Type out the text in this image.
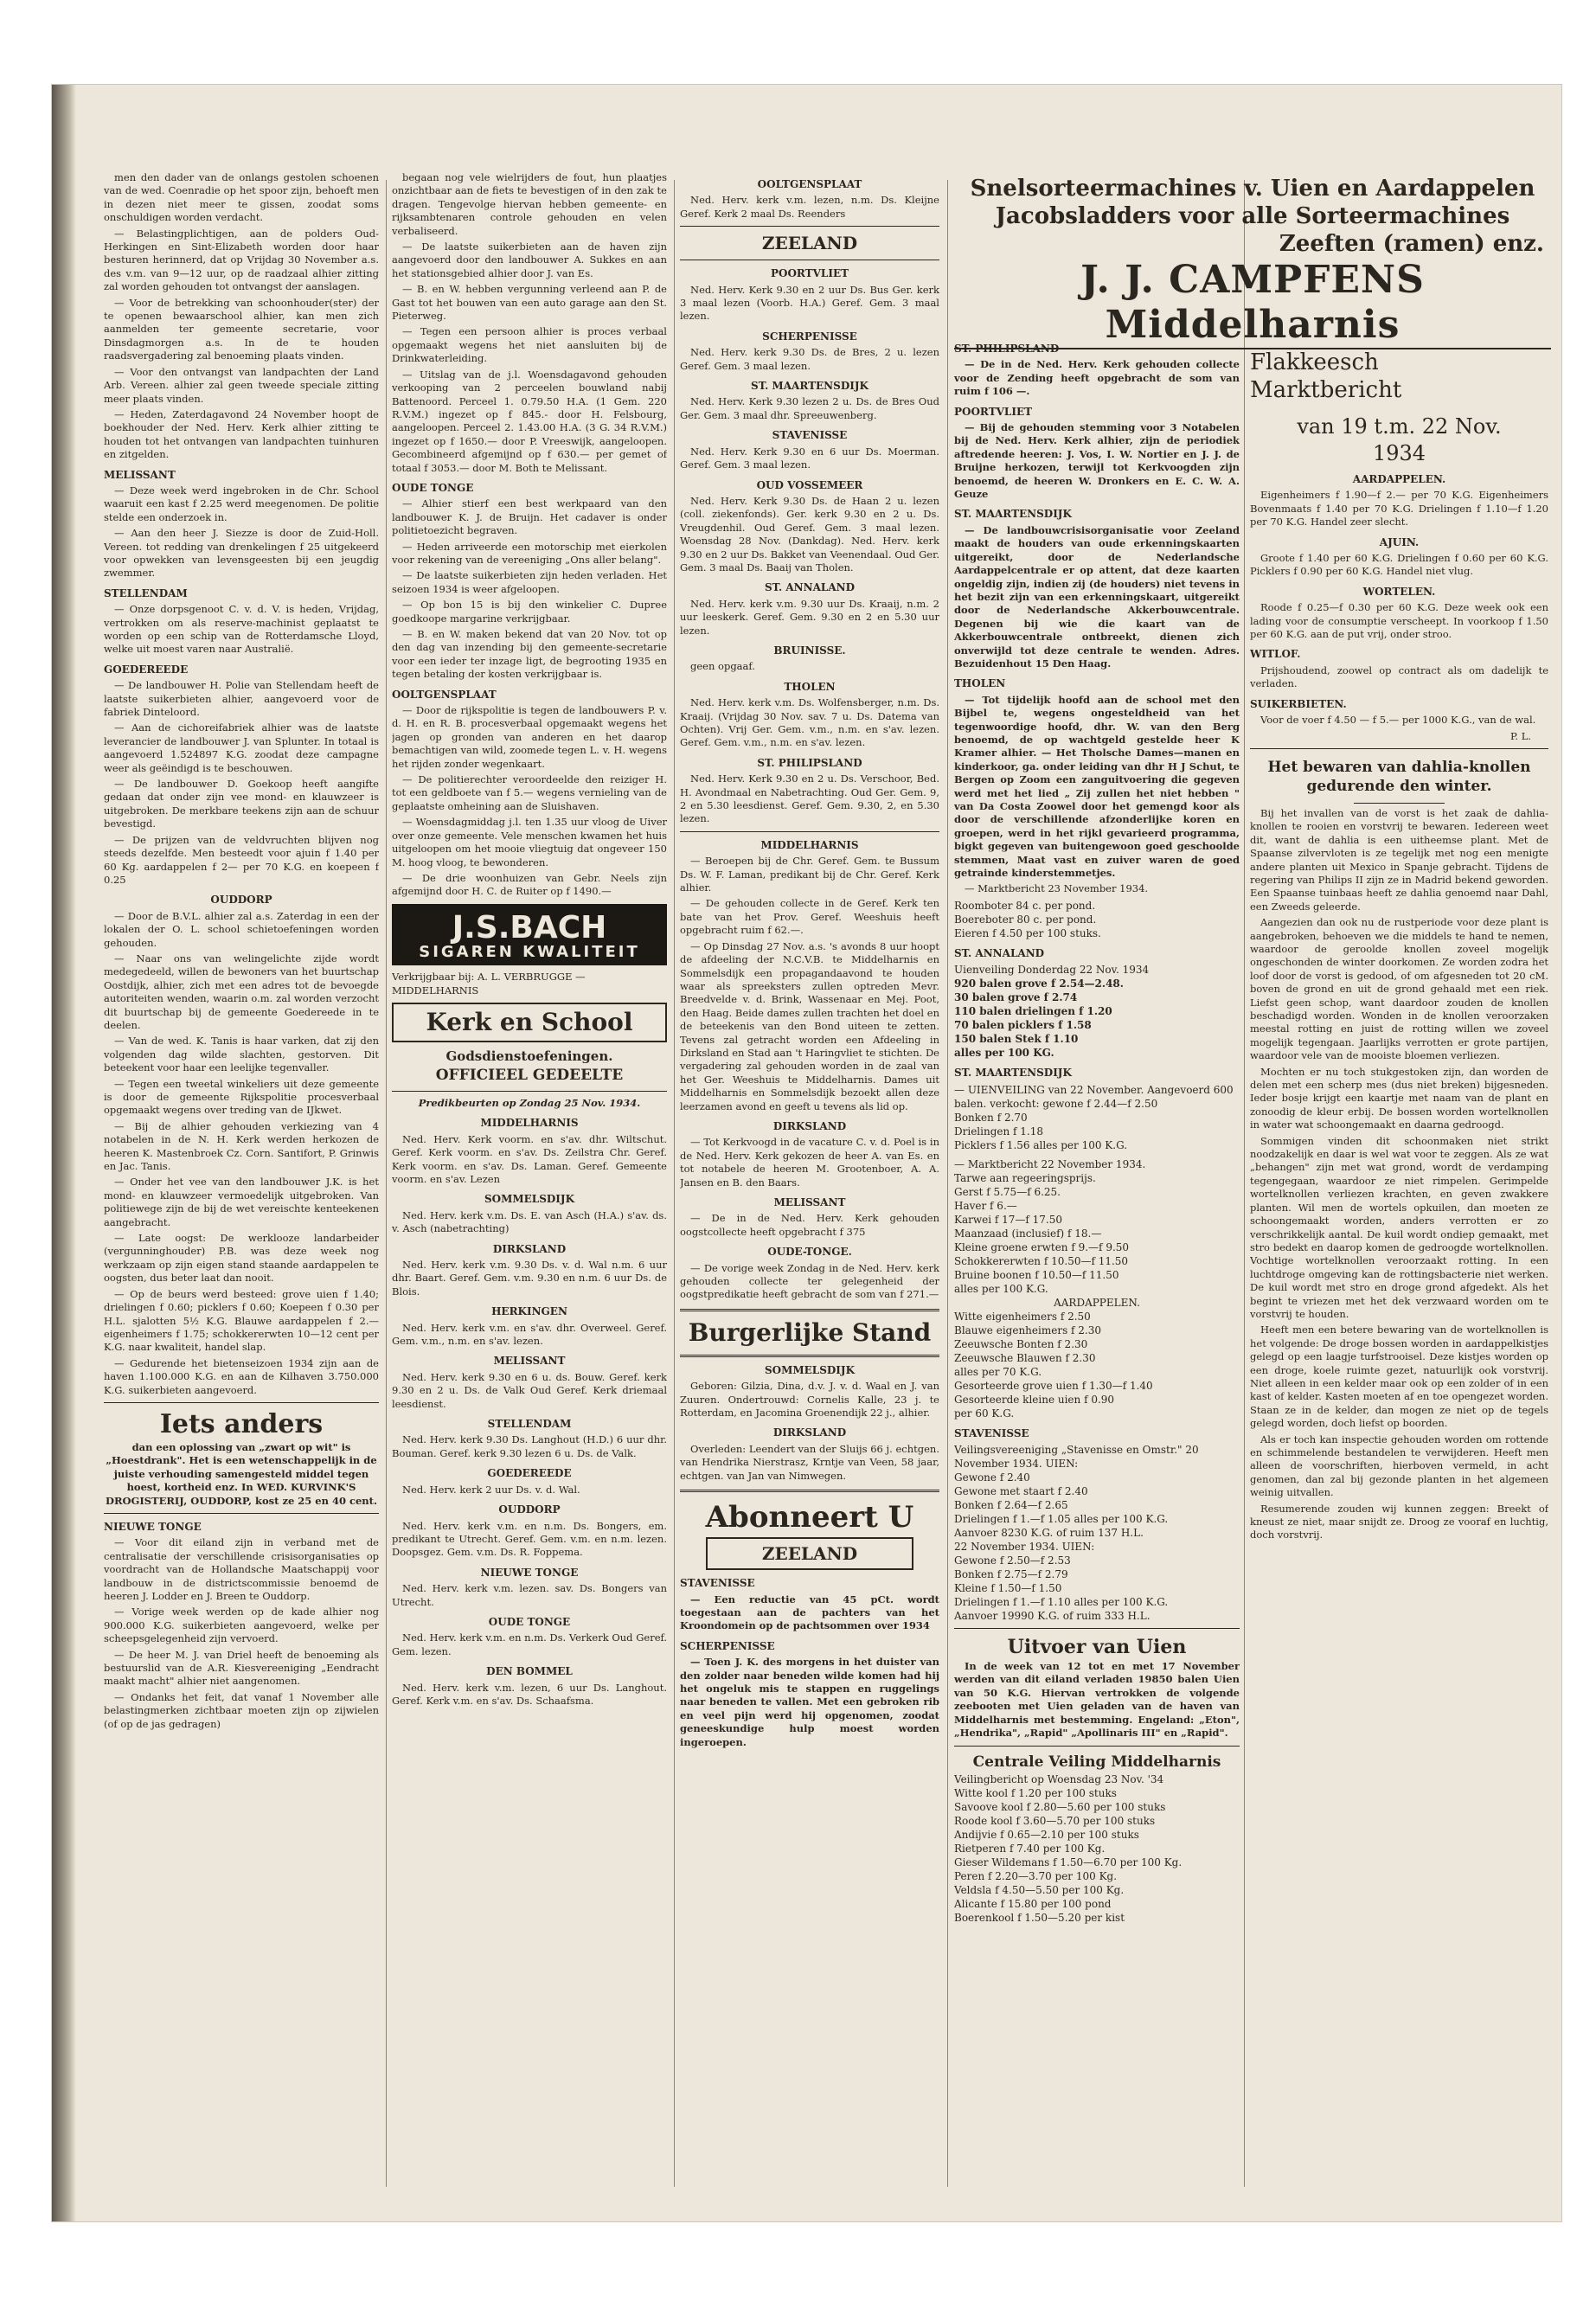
Snelsorteermachines v. Uien en Aardappelen
Jacobsladders voor alle Sorteermachines
Zeeften (ramen) enz.
J. J. CAMPFENS Middelharnis

men den dader van de onlangs gestolen schoenen van de wed. Coenradie op het spoor zijn, behoeft men in dezen niet meer te gissen, zoodat soms onschuldigen worden verdacht.

— Belastingplichtigen, aan de polders Oud-Herkingen en Sint-Elizabeth worden door haar besturen herinnerd, dat op Vrijdag 30 November a.s. des v.m. van 9—12 uur, op de raadzaal alhier zitting zal worden gehouden tot ontvangst der aanslagen.

— Voor de betrekking van schoonhouder(ster) der te openen bewaarschool alhier, kan men zich aanmelden ter gemeente secretarie, voor Dinsdagmorgen a.s. In de te houden raadsvergadering zal benoeming plaats vinden.

— Voor den ontvangst van landpachten der Land Arb. Vereen. alhier zal geen tweede speciale zitting meer plaats vinden.

— Heden, Zaterdagavond 24 November hoopt de boekhouder der Ned. Herv. Kerk alhier zitting te houden tot het ontvangen van landpachten tuinhuren en zitgelden.

MELISSANT

— Deze week werd ingebroken in de Chr. School waaruit een kast f 2.25 werd meegenomen. De politie stelde een onderzoek in.

— Aan den heer J. Siezze is door de Zuid-Holl. Vereen. tot redding van drenkelingen f 25 uitgekeerd voor opwekken van levensgeesten bij een jeugdig zwemmer.

STELLENDAM

— Onze dorpsgenoot C. v. d. V. is heden, Vrijdag, vertrokken om als reserve-machinist geplaatst te worden op een schip van de Rotterdamsche Lloyd, welke uit moest varen naar Australië.

GOEDEREEDE

— De landbouwer H. Polie van Stellendam heeft de laatste suikerbieten alhier, aangevoerd voor de fabriek Dinteloord.

— Aan de cichoreifabriek alhier was de laatste leverancier de landbouwer J. van Splunter. In totaal is aangevoerd 1.524897 K.G. zoodat deze campagne weer als geëindigd is te beschouwen.

— De landbouwer D. Goekoop heeft aangifte gedaan dat onder zijn vee mond- en klauwzeer is uitgebroken. De merkbare teekens zijn aan de schuur bevestigd.

— De prijzen van de veldvruchten blijven nog steeds dezelfde. Men besteedt voor ajuin f 1.40 per 60 Kg. aardappelen f 2— per 70 K.G. en koepeen f 0.25

OUDDORP

— Door de B.V.L. alhier zal a.s. Zaterdag in een der lokalen der O. L. school schietoefeningen worden gehouden.

— Naar ons van welingelichte zijde wordt medegedeeld, willen de bewoners van het buurtschap Oostdijk, alhier, zich met een adres tot de bevoegde autoriteiten wenden, waarin o.m. zal worden verzocht dit buurtschap bij de gemeente Goedereede in te deelen.

— Van de wed. K. Tanis is haar varken, dat zij den volgenden dag wilde slachten, gestorven. Dit beteekent voor haar een leelijke tegenvaller.

— Tegen een tweetal winkeliers uit deze gemeente is door de gemeente Rijkspolitie procesverbaal opgemaakt wegens over treding van de IJkwet.

— Bij de alhier gehouden verkiezing van 4 notabelen in de N. H. Kerk werden herkozen de heeren K. Mastenbroek Cz. Corn. Santifort, P. Grinwis en Jac. Tanis.

— Onder het vee van den landbouwer J.K. is het mond- en klauwzeer vermoedelijk uitgebroken. Van politiewege zijn de bij de wet vereischte kenteekenen aangebracht.

— Late oogst: De werklooze landarbeider (vergunninghouder) P.B. was deze week nog werkzaam op zijn eigen stand staande aardappelen te oogsten, dus beter laat dan nooit.

— Op de beurs werd besteed: grove uien f 1.40; drielingen f 0.60; picklers f 0.60; Koepeen f 0.30 per H.L. sjalotten 5½ K.G. Blauwe aardappelen f 2.— eigenheimers f 1.75; schokkererwten 10—12 cent per K.G. naar kwaliteit, handel slap.

— Gedurende het bietenseizoen 1934 zijn aan de haven 1.100.000 K.G. en aan de Kilhaven 3.750.000 K.G. suikerbieten aangevoerd.

Iets anders

dan een oplossing van „zwart op wit" is „Hoestdrank". Het is een wetenschappelijk in de juiste verhouding samengesteld middel tegen hoest, kortheid enz. In WED. KURVINK'S DROGISTERIJ, OUDDORP, kost ze 25 en 40 cent.

NIEUWE TONGE

— Voor dit eiland zijn in verband met de centralisatie der verschillende crisisorganisaties op voordracht van de Hollandsche Maatschappij voor landbouw in de districtscommissie benoemd de heeren J. Lodder en J. Breen te Ouddorp.

— Vorige week werden op de kade alhier nog 900.000 K.G. suikerbieten aangevoerd, welke per scheepsgelegenheid zijn vervoerd.

— De heer M. J. van Driel heeft de benoeming als bestuurslid van de A.R. Kiesvereeniging „Eendracht maakt macht" alhier niet aangenomen.

— Ondanks het feit, dat vanaf 1 November alle belastingmerken zichtbaar moeten zijn op zijwielen (of op de jas gedragen)

begaan nog vele wielrijders de fout, hun plaatjes onzichtbaar aan de fiets te bevestigen of in den zak te dragen. Tengevolge hiervan hebben gemeente- en rijksambtenaren controle gehouden en velen verbaliseerd.

— De laatste suikerbieten aan de haven zijn aangevoerd door den landbouwer A. Sukkes en aan het stationsgebied alhier door J. van Es.

— B. en W. hebben vergunning verleend aan P. de Gast tot het bouwen van een auto garage aan den St. Pieterweg.

— Tegen een persoon alhier is proces verbaal opgemaakt wegens het niet aansluiten bij de Drinkwaterleiding.

— Uitslag van de j.l. Woensdagavond gehouden verkooping van 2 perceelen bouwland nabij Battenoord. Perceel 1. 0.79.50 H.A. (1 Gem. 220 R.V.M.) ingezet op f 845.- door H. Felsbourg, aangeloopen. Perceel 2. 1.43.00 H.A. (3 G. 34 R.V.M.) ingezet op f 1650.— door P. Vreeswijk, aangeloopen. Gecombineerd afgemijnd op f 630.— per gemet of totaal f 3053.— door M. Both te Melissant.

OUDE TONGE

— Alhier stierf een best werkpaard van den landbouwer K. J. de Bruijn. Het cadaver is onder politietoezicht begraven.

— Heden arriveerde een motorschip met eierkolen voor rekening van de vereeniging „Ons aller belang".

— De laatste suikerbieten zijn heden verladen. Het seizoen 1934 is weer afgeloopen.

— Op bon 15 is bij den winkelier C. Dupree goedkoope margarine verkrijgbaar.

— B. en W. maken bekend dat van 20 Nov. tot op den dag van inzending bij den gemeente-secretarie voor een ieder ter inzage ligt, de begrooting 1935 en tegen betaling der kosten verkrijgbaar is.

OOLTGENSPLAAT

— Door de rijkspolitie is tegen de landbouwers P. v. d. H. en R. B. procesverbaal opgemaakt wegens het jagen op gronden van anderen en het daarop bemachtigen van wild, zoomede tegen L. v. H. wegens het rijden zonder wegenkaart.

— De politierechter veroordeelde den reiziger H. tot een geldboete van f 5.— wegens vernieling van de geplaatste omheining aan de Sluishaven.

— Woensdagmiddag j.l. ten 1.35 uur vloog de Uiver over onze gemeente. Vele menschen kwamen het huis uitgeloopen om het mooie vliegtuig dat ongeveer 150 M. hoog vloog, te bewonderen.

— De drie woonhuizen van Gebr. Neels zijn afgemijnd door H. C. de Ruiter op f 1490.—

J.S.BACH
SIGAREN KWALITEIT

Verkrijgbaar bij: A. L. VERBRUGGE — MIDDELHARNIS

Kerk en School
Godsdienstoefeningen.
OFFICIEEL GEDEELTE
Predikbeurten op Zondag 25 Nov. 1934.
MIDDELHARNIS

Ned. Herv. Kerk voorm. en s'av. dhr. Wiltschut. Geref. Kerk voorm. en s'av. Ds. Zeilstra Chr. Geref. Kerk voorm. en s'av. Ds. Laman. Geref. Gemeente voorm. en s'av. Lezen

SOMMELSDIJK

Ned. Herv. kerk v.m. Ds. E. van Asch (H.A.) s'av. ds. v. Asch (nabetrachting)

DIRKSLAND

Ned. Herv. kerk v.m. 9.30 Ds. v. d. Wal n.m. 6 uur dhr. Baart. Geref. Gem. v.m. 9.30 en n.m. 6 uur Ds. de Blois.

HERKINGEN

Ned. Herv. kerk v.m. en s'av. dhr. Overweel. Geref. Gem. v.m., n.m. en s'av. lezen.

MELISSANT

Ned. Herv. kerk 9.30 en 6 u. ds. Bouw. Geref. kerk 9.30 en 2 u. Ds. de Valk Oud Geref. Kerk driemaal leesdienst.

STELLENDAM

Ned. Herv. kerk 9.30 Ds. Langhout (H.D.) 6 uur dhr. Bouman. Geref. kerk 9.30 lezen 6 u. Ds. de Valk.

GOEDEREEDE

Ned. Herv. kerk 2 uur Ds. v. d. Wal.

OUDDORP

Ned. Herv. kerk v.m. en n.m. Ds. Bongers, em. predikant te Utrecht. Geref. Gem. v.m. en n.m. lezen. Doopsgez. Gem. v.m. Ds. R. Foppema.

NIEUWE TONGE

Ned. Herv. kerk v.m. lezen. sav. Ds. Bongers van Utrecht.

OUDE TONGE

Ned. Herv. kerk v.m. en n.m. Ds. Verkerk Oud Geref. Gem. lezen.

DEN BOMMEL

Ned. Herv. kerk v.m. lezen, 6 uur Ds. Langhout. Geref. Kerk v.m. en s'av. Ds. Schaafsma.

OOLTGENSPLAAT

Ned. Herv. kerk v.m. lezen, n.m. Ds. Kleijne Geref. Kerk 2 maal Ds. Reenders

ZEELAND
POORTVLIET

Ned. Herv. Kerk 9.30 en 2 uur Ds. Bus Ger. kerk 3 maal lezen (Voorb. H.A.) Geref. Gem. 3 maal lezen.

SCHERPENISSE

Ned. Herv. kerk 9.30 Ds. de Bres, 2 u. lezen Geref. Gem. 3 maal lezen.

ST. MAARTENSDIJK

Ned. Herv. Kerk 9.30 lezen 2 u. Ds. de Bres Oud Ger. Gem. 3 maal dhr. Spreeuwenberg.

STAVENISSE

Ned. Herv. Kerk 9.30 en 6 uur Ds. Moerman. Geref. Gem. 3 maal lezen.

OUD VOSSEMEER

Ned. Herv. Kerk 9.30 Ds. de Haan 2 u. lezen (coll. ziekenfonds). Ger. kerk 9.30 en 2 u. Ds. Vreugdenhil. Oud Geref. Gem. 3 maal lezen. Woensdag 28 Nov. (Dankdag). Ned. Herv. kerk 9.30 en 2 uur Ds. Bakket van Veenendaal. Oud Ger. Gem. 3 maal Ds. Baaij van Tholen.

ST. ANNALAND

Ned. Herv. kerk v.m. 9.30 uur Ds. Kraaij, n.m. 2 uur leeskerk. Geref. Gem. 9.30 en 2 en 5.30 uur lezen.

BRUINISSE.

geen opgaaf.

THOLEN

Ned. Herv. kerk v.m. Ds. Wolfensberger, n.m. Ds. Kraaij. (Vrijdag 30 Nov. sav. 7 u. Ds. Datema van Ochten). Vrij Ger. Gem. v.m., n.m. en s'av. lezen. Geref. Gem. v.m., n.m. en s'av. lezen.

ST. PHILIPSLAND

Ned. Herv. Kerk 9.30 en 2 u. Ds. Verschoor, Bed. H. Avondmaal en Nabetrachting. Oud Ger. Gem. 9, 2 en 5.30 leesdienst. Geref. Gem. 9.30, 2, en 5.30 lezen.

MIDDELHARNIS

— Beroepen bij de Chr. Geref. Gem. te Bussum Ds. W. F. Laman, predikant bij de Chr. Geref. Kerk alhier.

— De gehouden collecte in de Geref. Kerk ten bate van het Prov. Geref. Weeshuis heeft opgebracht ruim f 62.—.

— Op Dinsdag 27 Nov. a.s. 's avonds 8 uur hoopt de afdeeling der N.C.V.B. te Middelharnis en Sommelsdijk een propagandaavond te houden waar als spreeksters zullen optreden Mevr. Breedvelde v. d. Brink, Wassenaar en Mej. Poot, den Haag. Beide dames zullen trachten het doel en de beteekenis van den Bond uiteen te zetten. Tevens zal getracht worden een Afdeeling in Dirksland en Stad aan 't Haringvliet te stichten. De vergadering zal gehouden worden in de zaal van het Ger. Weeshuis te Middelharnis. Dames uit Middelharnis en Sommelsdijk bezoekt allen deze leerzamen avond en geeft u tevens als lid op.

DIRKSLAND

— Tot Kerkvoogd in de vacature C. v. d. Poel is in de Ned. Herv. Kerk gekozen de heer A. van Es. en tot notabele de heeren M. Grootenboer, A. A. Jansen en B. den Baars.

MELISSANT

— De in de Ned. Herv. Kerk gehouden oogstcollecte heeft opgebracht f 375

OUDE-TONGE.

— De vorige week Zondag in de Ned. Herv. kerk gehouden collecte ter gelegenheid der oogstpredikatie heeft gebracht de som van f 271.—

Burgerlijke Stand
SOMMELSDIJK

Geboren: Gilzia, Dina, d.v. J. v. d. Waal en J. van Zuuren. Ondertrouwd: Cornelis Kalle, 23 j. te Rotterdam, en Jacomina Groenendijk 22 j., alhier.

DIRKSLAND

Overleden: Leendert van der Sluijs 66 j. echtgen. van Hendrika Nierstrasz, Krntje van Veen, 58 jaar, echtgen. van Jan van Nimwegen.

Abonneert U
ZEELAND
STAVENISSE

— Een reductie van 45 pCt. wordt toegestaan aan de pachters van het Kroondomein op de pachtsommen over 1934

SCHERPENISSE

— Toen J. K. des morgens in het duister van den zolder naar beneden wilde komen had hij het ongeluk mis te stappen en ruggelings naar beneden te vallen. Met een gebroken rib en veel pijn werd hij opgenomen, zoodat geneeskundige hulp moest worden ingeroepen.

ST. PHILIPSLAND

— De in de Ned. Herv. Kerk gehouden collecte voor de Zending heeft opgebracht de som van ruim f 106 —.

POORTVLIET

— Bij de gehouden stemming voor 3 Notabelen bij de Ned. Herv. Kerk alhier, zijn de periodiek aftredende heeren: J. Vos, I. W. Nortier en J. J. de Bruijne herkozen, terwijl tot Kerkvoogden zijn benoemd, de heeren W. Dronkers en E. C. W. A. Geuze

ST. MAARTENSDIJK

— De landbouwcrisisorganisatie voor Zeeland maakt de houders van oude erkenningskaarten uitgereikt, door de Nederlandsche Aardappelcentrale er op attent, dat deze kaarten ongeldig zijn, indien zij (de houders) niet tevens in het bezit zijn van een erkenningskaart, uitgereikt door de Nederlandsche Akkerbouwcentrale. Degenen bij wie die kaart van de Akkerbouwcentrale ontbreekt, dienen zich onverwijld tot deze centrale te wenden. Adres. Bezuidenhout 15 Den Haag.

THOLEN

— Tot tijdelijk hoofd aan de school met den Bijbel te, wegens ongesteldheid van het tegenwoordige hoofd, dhr. W. van den Berg benoemd, de op wachtgeld gestelde heer K Kramer alhier. — Het Tholsche Dames—manen en kinderkoor, ga. onder leiding van dhr H J Schut, te Bergen op Zoom een zanguitvoering die gegeven werd met het lied „ Zij zullen het niet hebben " van Da Costa Zoowel door het gemengd koor als door de verschillende afzonderlijke koren en groepen, werd in het rijkl gevarieerd programma, bigkt gegeven van buitengewoon goed geschoolde stemmen, Maat vast en zuiver waren de goed getrainde kinderstemmetjes.

— Marktbericht 23 November 1934.

Roomboter 84 c. per pond.
Boereboter 80 c. per pond.
Eieren f 4.50 per 100 stuks.
ST. ANNALAND
Uienveiling Donderdag 22 Nov. 1934
920 balen grove f 2.54—2.48.
30 balen grove f 2.74
110 balen drielingen f 1.20
70 balen picklers f 1.58
150 balen Stek f 1.10
alles per 100 KG.
ST. MAARTENSDIJK
— UIENVEILING van 22 November. Aangevoerd 600 balen. verkocht: gewone f 2.44—f 2.50
Bonken f 2.70
Drielingen f 1.18
Picklers f 1.56 alles per 100 K.G.
— Marktbericht 22 November 1934.
Tarwe aan regeeringsprijs.
Gerst f 5.75—f 6.25.
Haver f 6.—
Karwei f 17—f 17.50
Maanzaad (inclusief) f 18.—
Kleine groene erwten f 9.—f 9.50
Schokkererwten f 10.50—f 11.50
Bruine boonen f 10.50—f 11.50
alles per 100 K.G.
AARDAPPELEN.
Witte eigenheimers f 2.50
Blauwe eigenheimers f 2.30
Zeeuwsche Bonten f 2.30
Zeeuwsche Blauwen f 2.30
alles per 70 K.G.
Gesorteerde grove uien f 1.30—f 1.40
Gesorteerde kleine uien f 0.90
per 60 K.G.
STAVENISSE
Veilingsvereeniging „Stavenisse en Omstr." 20 November 1934. UIEN:
Gewone f 2.40
Gewone met staart f 2.40
Bonken f 2.64—f 2.65
Drielingen f 1.—f 1.05 alles per 100 K.G.
Aanvoer 8230 K.G. of ruim 137 H.L.
22 November 1934. UIEN:
Gewone f 2.50—f 2.53
Bonken f 2.75—f 2.79
Kleine f 1.50—f 1.50
Drielingen f 1.—f 1.10 alles per 100 K.G.
Aanvoer 19990 K.G. of ruim 333 H.L.
Uitvoer van Uien

In de week van 12 tot en met 17 November werden van dit eiland verladen 19850 balen Uien van 50 K.G. Hiervan vertrokken de volgende zeebooten met Uien geladen van de haven van Middelharnis met bestemming. Engeland: „Eton", „Hendrika", „Rapid" „Apollinaris III" en „Rapid".

Centrale Veiling Middelharnis
Veilingbericht op Woensdag 23 Nov. '34
Witte kool f 1.20 per 100 stuks
Savoove kool f 2.80—5.60 per 100 stuks
Roode kool f 3.60—5.70 per 100 stuks
Andijvie f 0.65—2.10 per 100 stuks
Rietperen f 7.40 per 100 Kg.
Gieser Wildemans f 1.50—6.70 per 100 Kg.
Peren f 2.20—3.70 per 100 Kg.
Veldsla f 4.50—5.50 per 100 Kg.
Alicante f 15.80 per 100 pond
Boerenkool f 1.50—5.20 per kist
Flakkeesch
Marktbericht
van 19 t.m. 22 Nov.
1934
AARDAPPELEN.

Eigenheimers f 1.90—f 2.— per 70 K.G. Eigenheimers Bovenmaats f 1.40 per 70 K.G. Drielingen f 1.10—f 1.20 per 70 K.G. Handel zeer slecht.

AJUIN.

Groote f 1.40 per 60 K.G. Drielingen f 0.60 per 60 K.G. Picklers f 0.90 per 60 K.G. Handel niet vlug.

WORTELEN.

Roode f 0.25—f 0.30 per 60 K.G. Deze week ook een lading voor de consumptie verscheept. In voorkoop f 1.50 per 60 K.G. aan de put vrij, onder stroo.

WITLOF.

Prijshoudend, zoowel op contract als om dadelijk te verladen.

SUIKERBIETEN.

Voor de voer f 4.50 — f 5.— per 1000 K.G., van de wal.

P. L.
Het bewaren van dahlia-knollen gedurende den winter.

Bij het invallen van de vorst is het zaak de dahlia-knollen te rooien en vorstvrij te bewaren. Iedereen weet dit, want de dahlia is een uitheemse plant. Met de Spaanse zilvervloten is ze tegelijk met nog een menigte andere planten uit Mexico in Spanje gebracht. Tijdens de regering van Philips II zijn ze in Madrid bekend geworden. Een Spaanse tuinbaas heeft ze dahlia genoemd naar Dahl, een Zweeds geleerde.

Aangezien dan ook nu de rustperiode voor deze plant is aangebroken, behoeven we die middels te hand te nemen, waardoor de geroolde knollen zoveel mogelijk ongeschonden de winter doorkomen. Ze worden zodra het loof door de vorst is gedood, of om afgesneden tot 20 cM. boven de grond en uit de grond gehaald met een riek. Liefst geen schop, want daardoor zouden de knollen beschadigd worden. Wonden in de knollen veroorzaken meestal rotting en juist de rotting willen we zoveel mogelijk tegengaan. Jaarlijks verrotten er grote partijen, waardoor vele van de mooiste bloemen verliezen.

Mochten er nu toch stukgestoken zijn, dan worden de delen met een scherp mes (dus niet breken) bijgesneden. Ieder bosje krijgt een kaartje met naam van de plant en zonoodig de kleur erbij. De bossen worden wortelknollen in water wat schoongemaakt en daarna gedroogd.

Sommigen vinden dit schoonmaken niet strikt noodzakelijk en daar is wel wat voor te zeggen. Als ze wat „behangen" zijn met wat grond, wordt de verdamping tegengegaan, waardoor ze niet rimpelen. Gerimpelde wortelknollen verliezen krachten, en geven zwakkere planten. Wil men de wortels opkuilen, dan moeten ze schoongemaakt worden, anders verrotten er zo verschrikkelijk aantal. De kuil wordt ondiep gemaakt, met stro bedekt en daarop komen de gedroogde wortelknollen. Vochtige wortelknollen veroorzaakt rotting. In een luchtdroge omgeving kan de rottingsbacterie niet werken. De kuil wordt met stro en droge grond afgedekt. Als het begint te vriezen met het dek verzwaard worden om te vorstvrij te houden.

Heeft men een betere bewaring van de wortelknollen is het volgende: De droge bossen worden in aardappelkistjes gelegd op een laagje turfstrooisel. Deze kistjes worden op een droge, koele ruimte gezet, natuurlijk ook vorstvrij. Niet alleen in een kelder maar ook op een zolder of in een kast of kelder. Kasten moeten af en toe opengezet worden. Staan ze in de kelder, dan mogen ze niet op de tegels gelegd worden, doch liefst op boorden.

Als er toch kan inspectie gehouden worden om rottende en schimmelende bestandelen te verwijderen. Heeft men alleen de voorschriften, hierboven vermeld, in acht genomen, dan zal bij gezonde planten in het algemeen weinig uitvallen.

Resumerende zouden wij kunnen zeggen: Breekt of kneust ze niet, maar snijdt ze. Droog ze vooraf en luchtig, doch vorstvrij.
